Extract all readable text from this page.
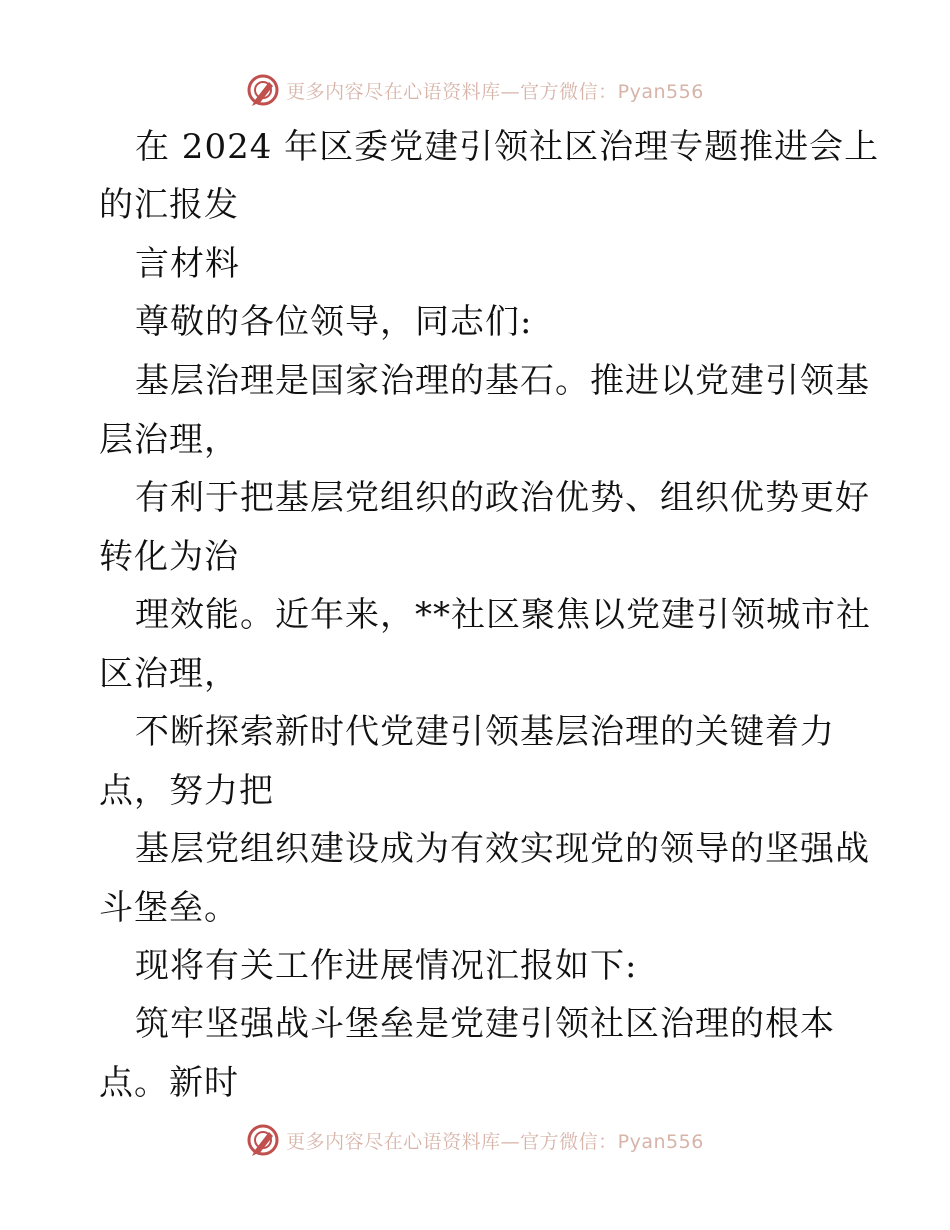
更多内容尽在心语资料库—官方微信：Pyan556
在 2024 年区委党建引领社区治理专题推进会上
的汇报发
言材料
尊敬的各位领导，同志们:
基层治理是国家治理的基石。推进以党建引领基
层治理，
有利于把基层党组织的政治优势、组织优势更好
转化为治
理效能。近年来，**社区聚焦以党建引领城市社
区治理，
不断探索新时代党建引领基层治理的关键着力
点，努力把
基层党组织建设成为有效实现党的领导的坚强战
斗堡垒。
现将有关工作进展情况汇报如下:
筑牢坚强战斗堡垒是党建引领社区治理的根本
点。新时
更多内容尽在心语资料库—官方微信：Pyan556
